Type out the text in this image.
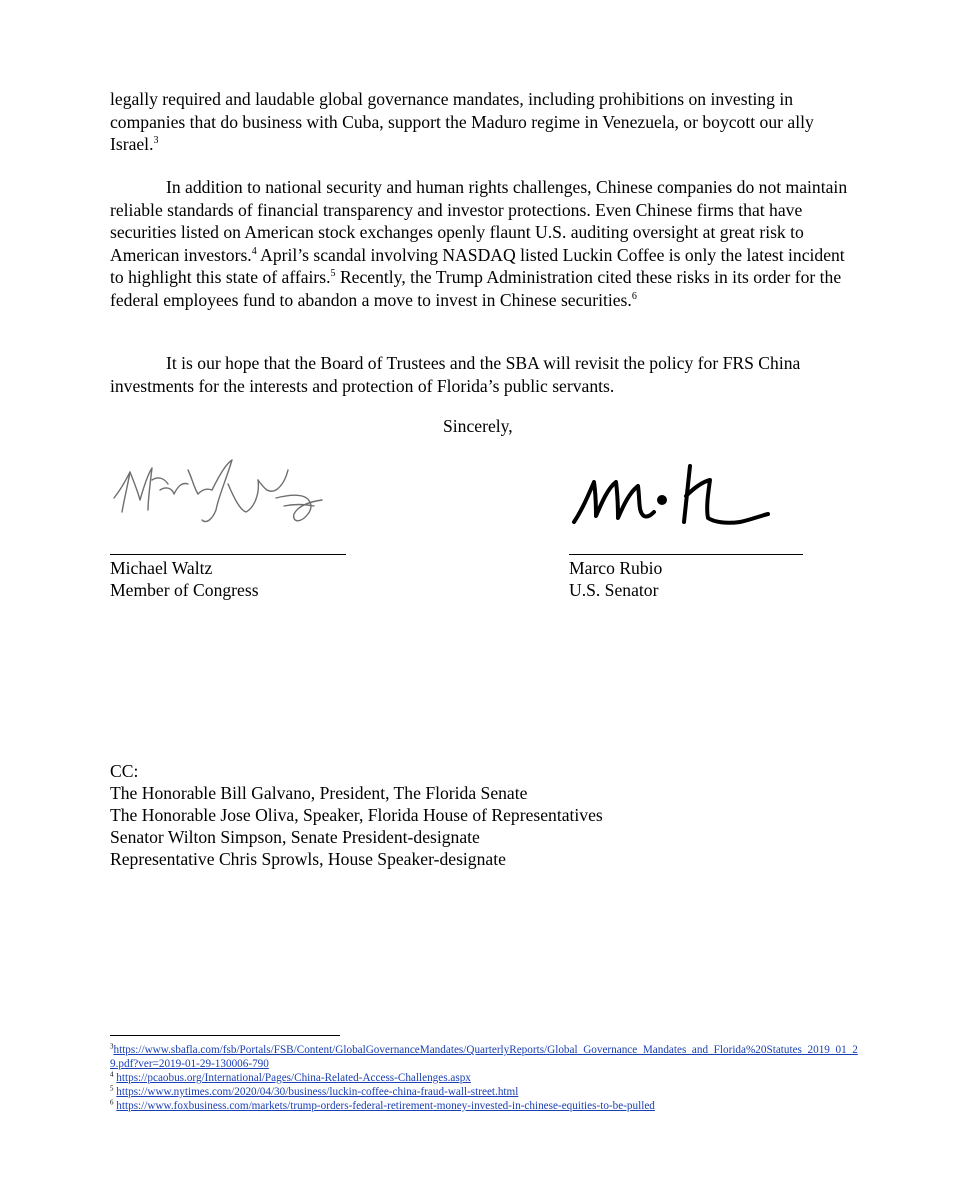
legally required and laudable global governance mandates, including prohibitions on investing in companies that do business with Cuba, support the Maduro regime in Venezuela, or boycott our ally Israel.$^3$

In addition to national security and human rights challenges, Chinese companies do not maintain reliable standards of financial transparency and investor protections. Even Chinese firms that have securities listed on American stock exchanges openly flaunt U.S. auditing oversight at great risk to American investors.$^4$ April’s scandal involving NASDAQ listed Luckin Coffee is only the latest incident to highlight this state of affairs.$^5$ Recently, the Trump Administration cited these risks in its order for the federal employees fund to abandon a move to invest in Chinese securities.$^6$

It is our hope that the Board of Trustees and the SBA will revisit the policy for FRS China investments for the interests and protection of Florida’s public servants.

Sincerely,
Michael Waltz
Member of Congress
Marco Rubio
U.S. Senator
CC:
The Honorable Bill Galvano, President, The Florida Senate
The Honorable Jose Oliva, Speaker, Florida House of Representatives
Senator Wilton Simpson, Senate President-designate
Representative Chris Sprowls, House Speaker-designate

$^3$https://www.sbafla.com/fsb/Portals/FSB/Content/GlobalGovernanceMandates/QuarterlyReports/Global_Governance_Mandates_and_Florida%20Statutes_2019_01_29.pdf?ver=2019-01-29-130006-790

$^4$ https://pcaobus.org/International/Pages/China-Related-Access-Challenges.aspx

$^5$ https://www.nytimes.com/2020/04/30/business/luckin-coffee-china-fraud-wall-street.html

$^6$ https://www.foxbusiness.com/markets/trump-orders-federal-retirement-money-invested-in-chinese-equities-to-be-pulled
